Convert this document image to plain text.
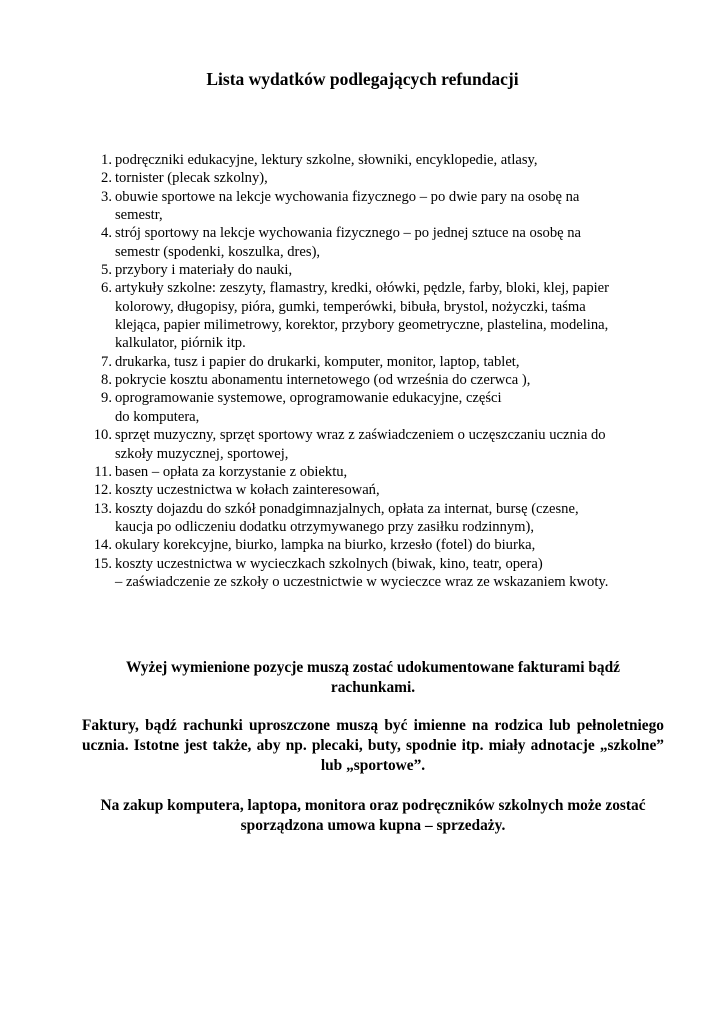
Lista wydatków podlegających refundacji
1. podręczniki edukacyjne, lektury szkolne, słowniki, encyklopedie, atlasy,
2. tornister (plecak szkolny),
3. obuwie sportowe na lekcje wychowania fizycznego – po dwie pary na osobę na
semestr,
4. strój sportowy na lekcje wychowania fizycznego – po jednej sztuce na osobę na
semestr (spodenki, koszulka, dres),
5. przybory i materiały do nauki,
6. artykuły szkolne: zeszyty, flamastry, kredki, ołówki, pędzle, farby, bloki, klej, papier
kolorowy, długopisy, pióra, gumki, temperówki, bibuła, brystol, nożyczki, taśma
klejąca, papier milimetrowy, korektor, przybory geometryczne, plastelina, modelina,
kalkulator, piórnik itp.
7. drukarka, tusz i papier do drukarki, komputer, monitor, laptop, tablet,
8. pokrycie kosztu abonamentu internetowego (od września do czerwca ),
9. oprogramowanie systemowe, oprogramowanie edukacyjne, części
do komputera,
10. sprzęt muzyczny, sprzęt sportowy wraz z zaświadczeniem o uczęszczaniu ucznia do
szkoły muzycznej, sportowej,
11. basen – opłata za korzystanie z obiektu,
12. koszty uczestnictwa w kołach zainteresowań,
13. koszty dojazdu do szkół ponadgimnazjalnych, opłata za internat, bursę (czesne,
kaucja po odliczeniu dodatku otrzymywanego przy zasiłku rodzinnym),
14. okulary korekcyjne, biurko, lampka na biurko, krzesło (fotel) do biurka,
15. koszty uczestnictwa w wycieczkach szkolnych (biwak, kino, teatr, opera)
– zaświadczenie ze szkoły o uczestnictwie w wycieczce wraz ze wskazaniem kwoty.
Wyżej wymienione pozycje muszą zostać udokumentowane fakturami bądź rachunkami.
Faktury, bądź rachunki uproszczone muszą być imienne na rodzica lub pełnoletniego ucznia. Istotne jest także, aby np. plecaki, buty, spodnie itp. miały adnotacje „szkolne” lub „sportowe”.
Na zakup komputera, laptopa, monitora oraz podręczników szkolnych może zostać sporządzona umowa kupna – sprzedaży.
